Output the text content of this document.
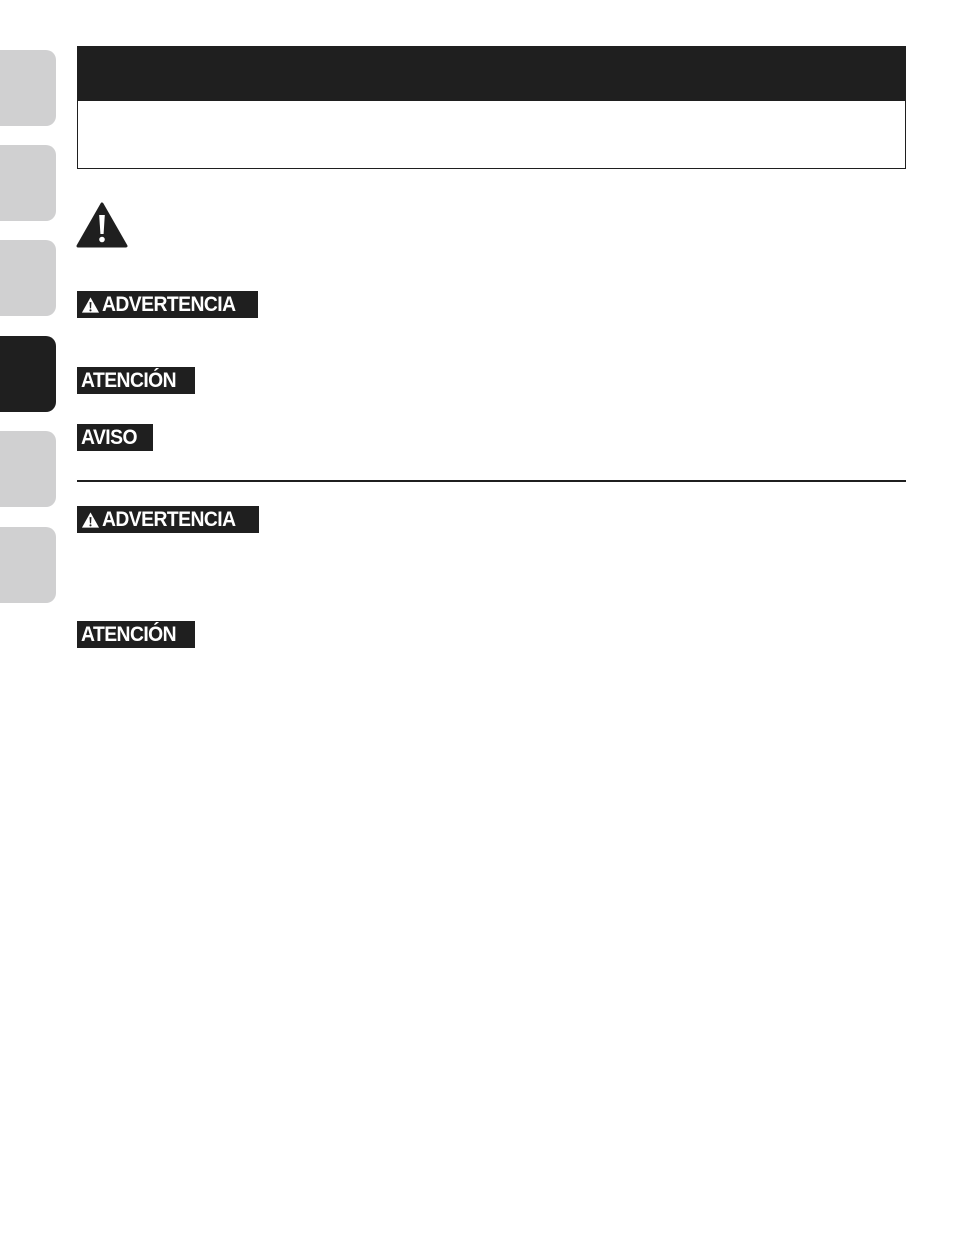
ADVERTENCIA
ATENCIÓN
AVISO
ADVERTENCIA
ATENCIÓN
